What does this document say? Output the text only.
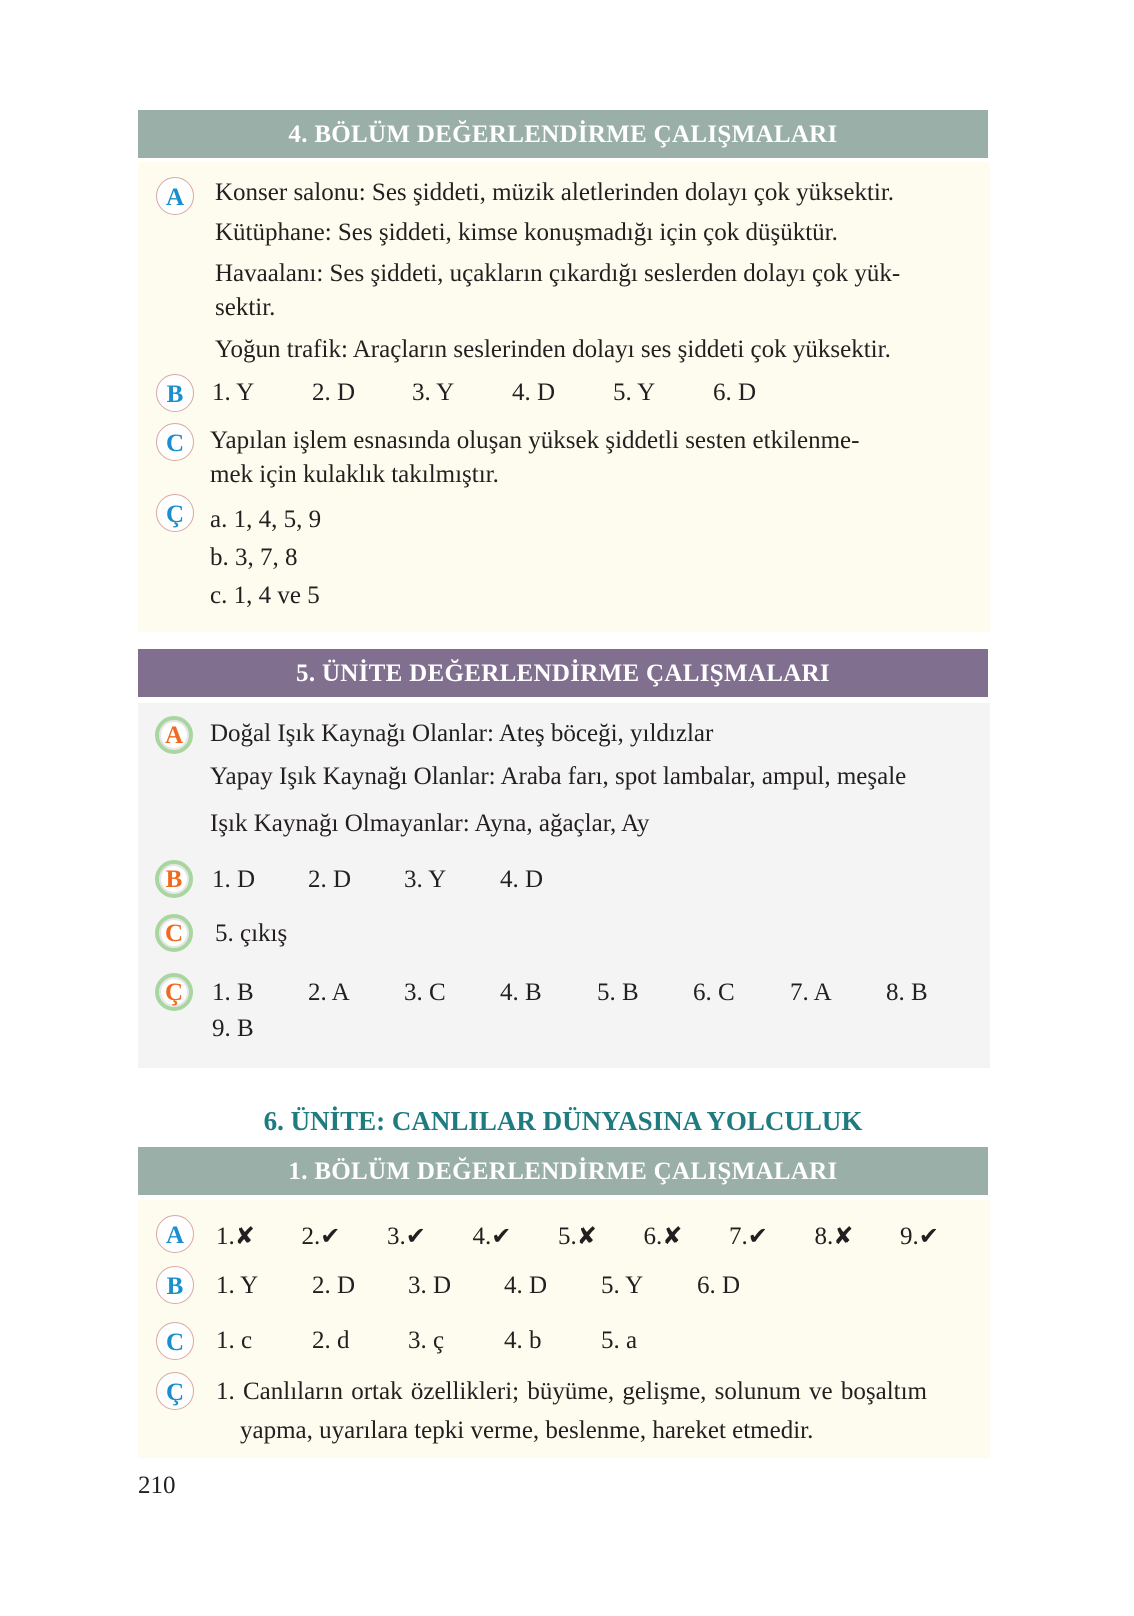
4. BÖLÜM DEĞERLENDİRME ÇALIŞMALARI
A	Konser salonu: Ses şiddeti, müzik aletlerinden dolayı çok yüksektir.
Kütüphane: Ses şiddeti, kimse konuşmadığı için çok düşüktür.
Havaalanı: Ses şiddeti, uçakların çıkardığı seslerden dolayı çok yük-
sektir.
Yoğun trafik: Araçların seslerinden dolayı ses şiddeti çok yüksektir.
B	1. Y 2. D 3. Y 4. D 5. Y 6. D
C	Yapılan işlem esnasında oluşan yüksek şiddetli sesten etkilenme-
mek için kulaklık takılmıştır.
Ç	a. 1, 4, 5, 9
b. 3, 7, 8
c. 1, 4 ve 5
5. ÜNİTE DEĞERLENDİRME ÇALIŞMALARI
A	Doğal Işık Kaynağı Olanlar: Ateş böceği, yıldızlar
Yapay Işık Kaynağı Olanlar: Araba farı, spot lambalar, ampul, meşale
Işık Kaynağı Olmayanlar: Ayna, ağaçlar, Ay
B	1. D 2. D 3. Y 4. D
C	5. çıkış
Ç	1. B 2. A 3. C 4. B 5. B 6. C 7. A 8. B
9. B
6. ÜNİTE: CANLILAR DÜNYASINA YOLCULUK
1. BÖLÜM DEĞERLENDİRME ÇALIŞMALARI
A	1.✘ 2.✔ 3.✔ 4.✔ 5.✘ 6.✘ 7.✔ 8.✘ 9.✔
B	1. Y 2. D 3. D 4. D 5. Y 6. D
C	1. c 2. d 3. ç 4. b 5. a
Ç	1. Canlıların ortak özellikleri; büyüme, gelişme, solunum ve boşaltım
yapma, uyarılara tepki verme, beslenme, hareket etmedir.
210
